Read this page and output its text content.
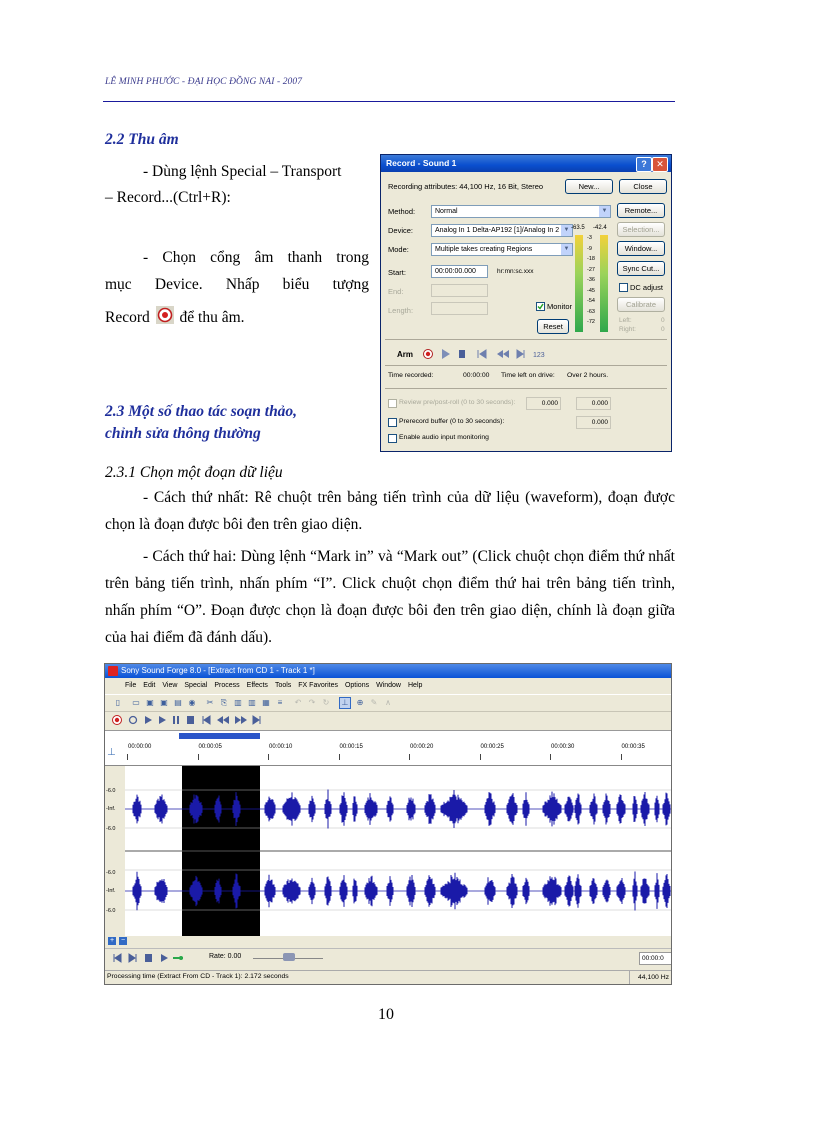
LÊ MINH PHƯỚC - ĐẠI HỌC ĐỒNG NAI - 2007
2.2 Thu âm
- Dùng lệnh Special – Transport
– Record...(Ctrl+R):
- Chọn cổng âm thanh trong
mục Device. Nhấp biểu tượng
Record để thu âm.
2.3 Một số thao tác soạn thảo,
chỉnh sửa thông thường
2.3.1 Chọn một đoạn dữ liệu
- Cách thứ nhất: Rê chuột trên bảng tiến trình của dữ liệu (waveform), đoạn được chọn là đoạn được bôi đen trên giao diện.
- Cách thứ hai: Dùng lệnh “Mark in” và “Mark out” (Click chuột chọn điểm thứ nhất trên bảng tiến trình, nhấn phím “I”. Click chuột chọn điểm thứ hai trên bảng tiến trình, nhấn phím “O”. Đoạn được chọn là đoạn được bôi đen trên giao diện, chính là đoạn giữa của hai điểm đã đánh dấu).
Record - Sound 1	?	✕
Recording attributes: 44,100 Hz, 16 Bit, Stereo	New...	Close
Method:	Normal	▼
Device:	Analog In 1 Delta-AP192 [1]/Analog In 2 ▼
Mode:	Multiple takes creating Regions	▼
Start:	00:00:00.000	hr:mn:sc.xxx
End:
Length:	Monitor
Reset
-63.5 -42.4
-3
-9
-18
-27
-36
-45
-54
-63
-72
Remote...
Selection...
Window...
Sync Cut...
DC adjust
Calibrate
Left:	0
Right:	0
Arm	123
Time recorded:	00:00:00 Time left on drive: Over 2 hours.
Review pre/post-roll (0 to 30 seconds):	0.000	0.000
Prerecord buffer (0 to 30 seconds):	0.000
Enable audio input monitoring
Sony Sound Forge 8.0 - [Extract from CD 1 - Track 1 *]
File Edit View Special Process Effects Tools FX Favorites Options Window Help
▯	▭ ▣ ▣ ▤ ◉ ✂ ⎘ ▥ ▥ ▦ ≡	↶ ↷ ↻	⊥	⊕ ✎ ∧
⊥	00:00:00	00:00:05	00:00:10	00:00:15	00:00:20	00:00:25	00:00:30	00:00:35
-6.0
-Inf.
-6.0
-6.0
-Inf.
-6.0
+ −
Rate: 0.00	00:00:0
Processing time (Extract From CD - Track 1): 2.172 seconds	44,100 Hz
10
